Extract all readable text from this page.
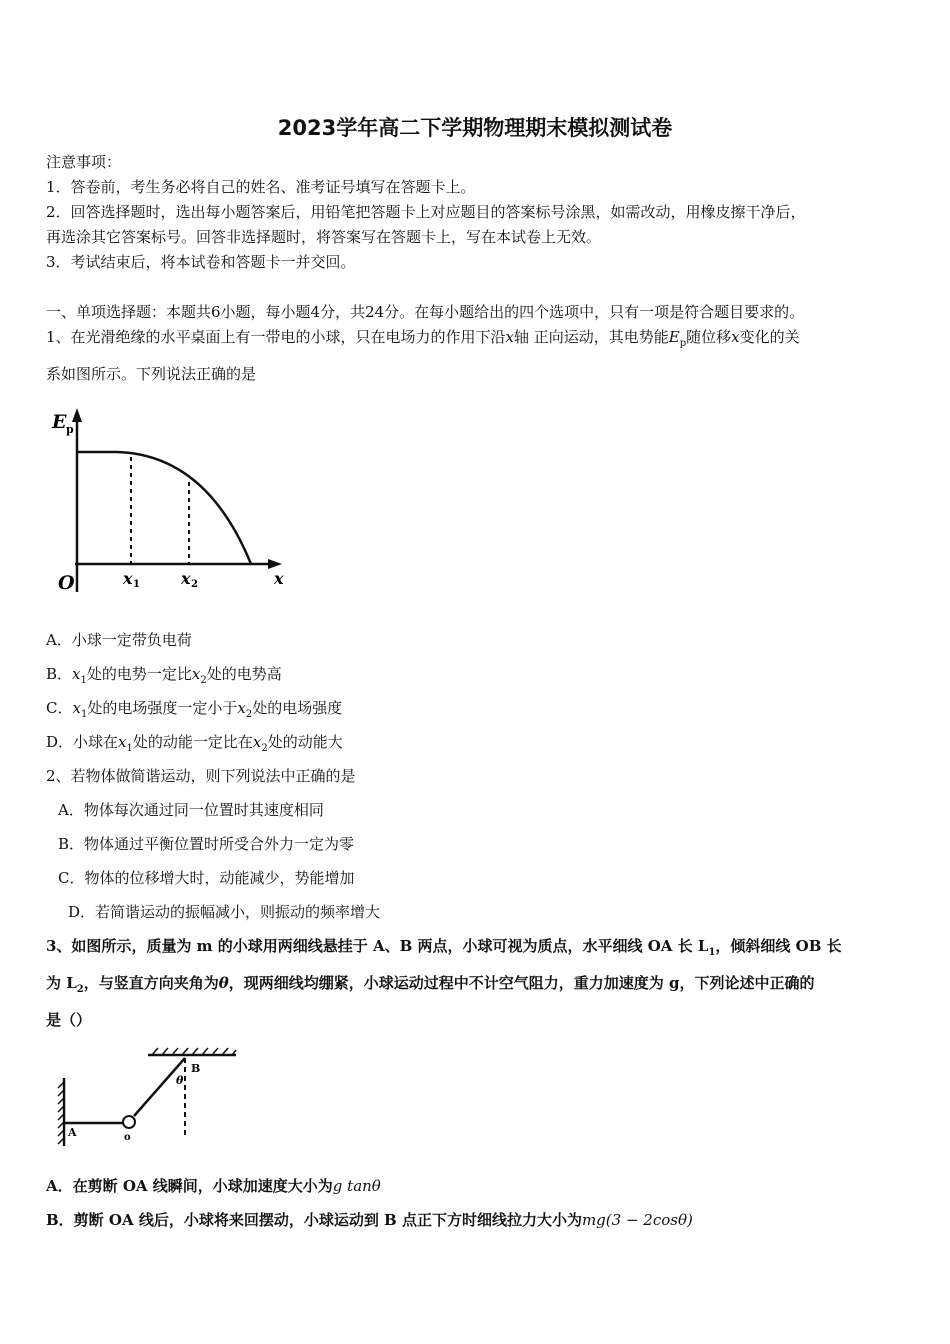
2023学年高二下学期物理期末模拟测试卷
注意事项：
1．答卷前，考生务必将自己的姓名、准考证号填写在答题卡上。
2．回答选择题时，选出每小题答案后，用铅笔把答题卡上对应题目的答案标号涂黑，如需改动，用橡皮擦干净后，
再选涂其它答案标号。回答非选择题时，将答案写在答题卡上，写在本试卷上无效。
3．考试结束后，将本试卷和答题卡一并交回。
一、单项选择题：本题共6小题，每小题4分，共24分。在每小题给出的四个选项中，只有一项是符合题目要求的。
1、在光滑绝缘的水平桌面上有一带电的小球，只在电场力的作用下沿x轴 正向运动，其电势能$E_p$随位移x变化的关
系如图所示。下列说法正确的是
E p
O	x 1	x 2	x
A．小球一定带负电荷
B．$x_1$处的电势一定比$x_2$处的电势高
C．$x_1$处的电场强度一定小于$x_2$处的电场强度
D．小球在$x_1$处的动能一定比在$x_2$处的动能大
2、若物体做简谐运动，则下列说法中正确的是
A．物体每次通过同一位置时其速度相同
B．物体通过平衡位置时所受合外力一定为零
C．物体的位移增大时，动能减少，势能增加
D．若简谐运动的振幅减小，则振动的频率增大
3、如图所示，质量为 m 的小球用两细线悬挂于 A、B 两点，小球可视为质点，水平细线 OA 长 $L_1$，倾斜细线 OB 长
为 $L_2$，与竖直方向夹角为θ，现两细线均绷紧，小球运动过程中不计空气阻力，重力加速度为 g，下列论述中正确的
是（）
A
B
o
θ
A．在剪断 OA 线瞬间，小球加速度大小为g tanθ
B．剪断 OA 线后，小球将来回摆动，小球运动到 B 点正下方时细线拉力大小为mg(3 − 2cosθ)
